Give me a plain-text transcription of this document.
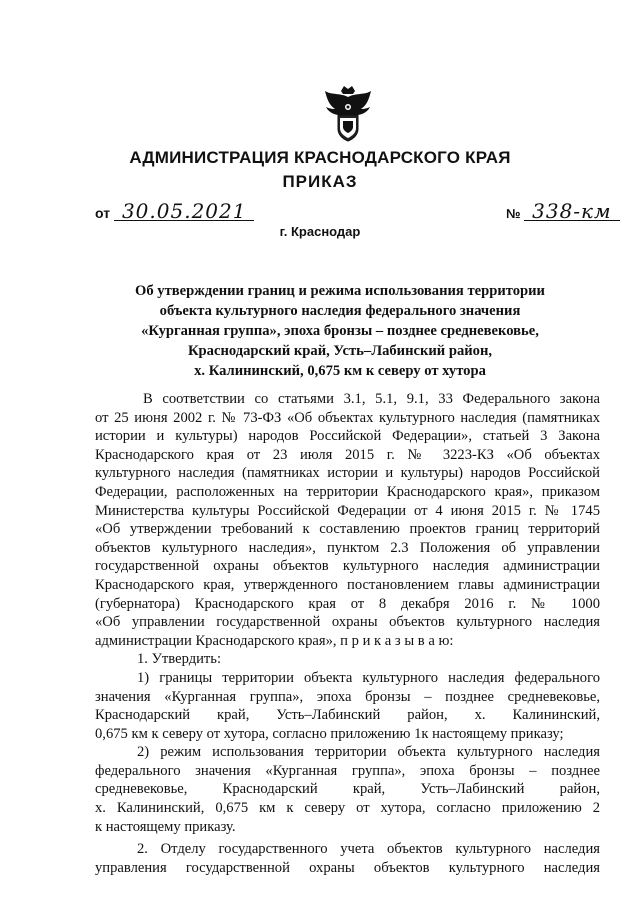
АДМИНИСТРАЦИЯ КРАСНОДАРСКОГО КРАЯ
ПРИКАЗ
от 30.05.2021	№ 338-км
г. Краснодар
Об утверждении границ и режима использования территории
объекта культурного наследия федерального значения
«Курганная группа», эпоха бронзы – позднее средневековье,
Краснодарский край, Усть–Лабинский район,
х. Калининский, 0,675 км к северу от хутора

В соответствии со статьями 3.1, 5.1, 9.1, 33 Федерального закона

от 25 июня 2002 г. № 73-ФЗ «Об объектах культурного наследия (памятниках

истории и культуры) народов Российской Федерации», статьей 3 Закона

Краснодарского края от 23 июля 2015 г. № 3223-КЗ «Об объектах

культурного наследия (памятниках истории и культуры) народов Российской

Федерации, расположенных на территории Краснодарского края», приказом

Министерства культуры Российской Федерации от 4 июня 2015 г. № 1745

«Об утверждении требований к составлению проектов границ территорий

объектов культурного наследия», пунктом 2.3 Положения об управлении

государственной охраны объектов культурного наследия администрации

Краснодарского края, утвержденного постановлением главы администрации

(губернатора) Краснодарского края от 8 декабря 2016 г. № 1000

«Об управлении государственной охраны объектов культурного наследия

администрации Краснодарского края», п р и к а з ы в а ю:

1. Утвердить:

1) границы территории объекта культурного наследия федерального

значения «Курганная группа», эпоха бронзы – позднее средневековье,

Краснодарский край, Усть–Лабинский район, х. Калининский,

0,675 км к северу от хутора, согласно приложению 1к настоящему приказу;

2) режим использования территории объекта культурного наследия

федерального значения «Курганная группа», эпоха бронзы – позднее

средневековье, Краснодарский край, Усть–Лабинский район,

х. Калининский, 0,675 км к северу от хутора, согласно приложению 2

к настоящему приказу.

2. Отделу государственного учета объектов культурного наследия

управления государственной охраны объектов культурного наследия
